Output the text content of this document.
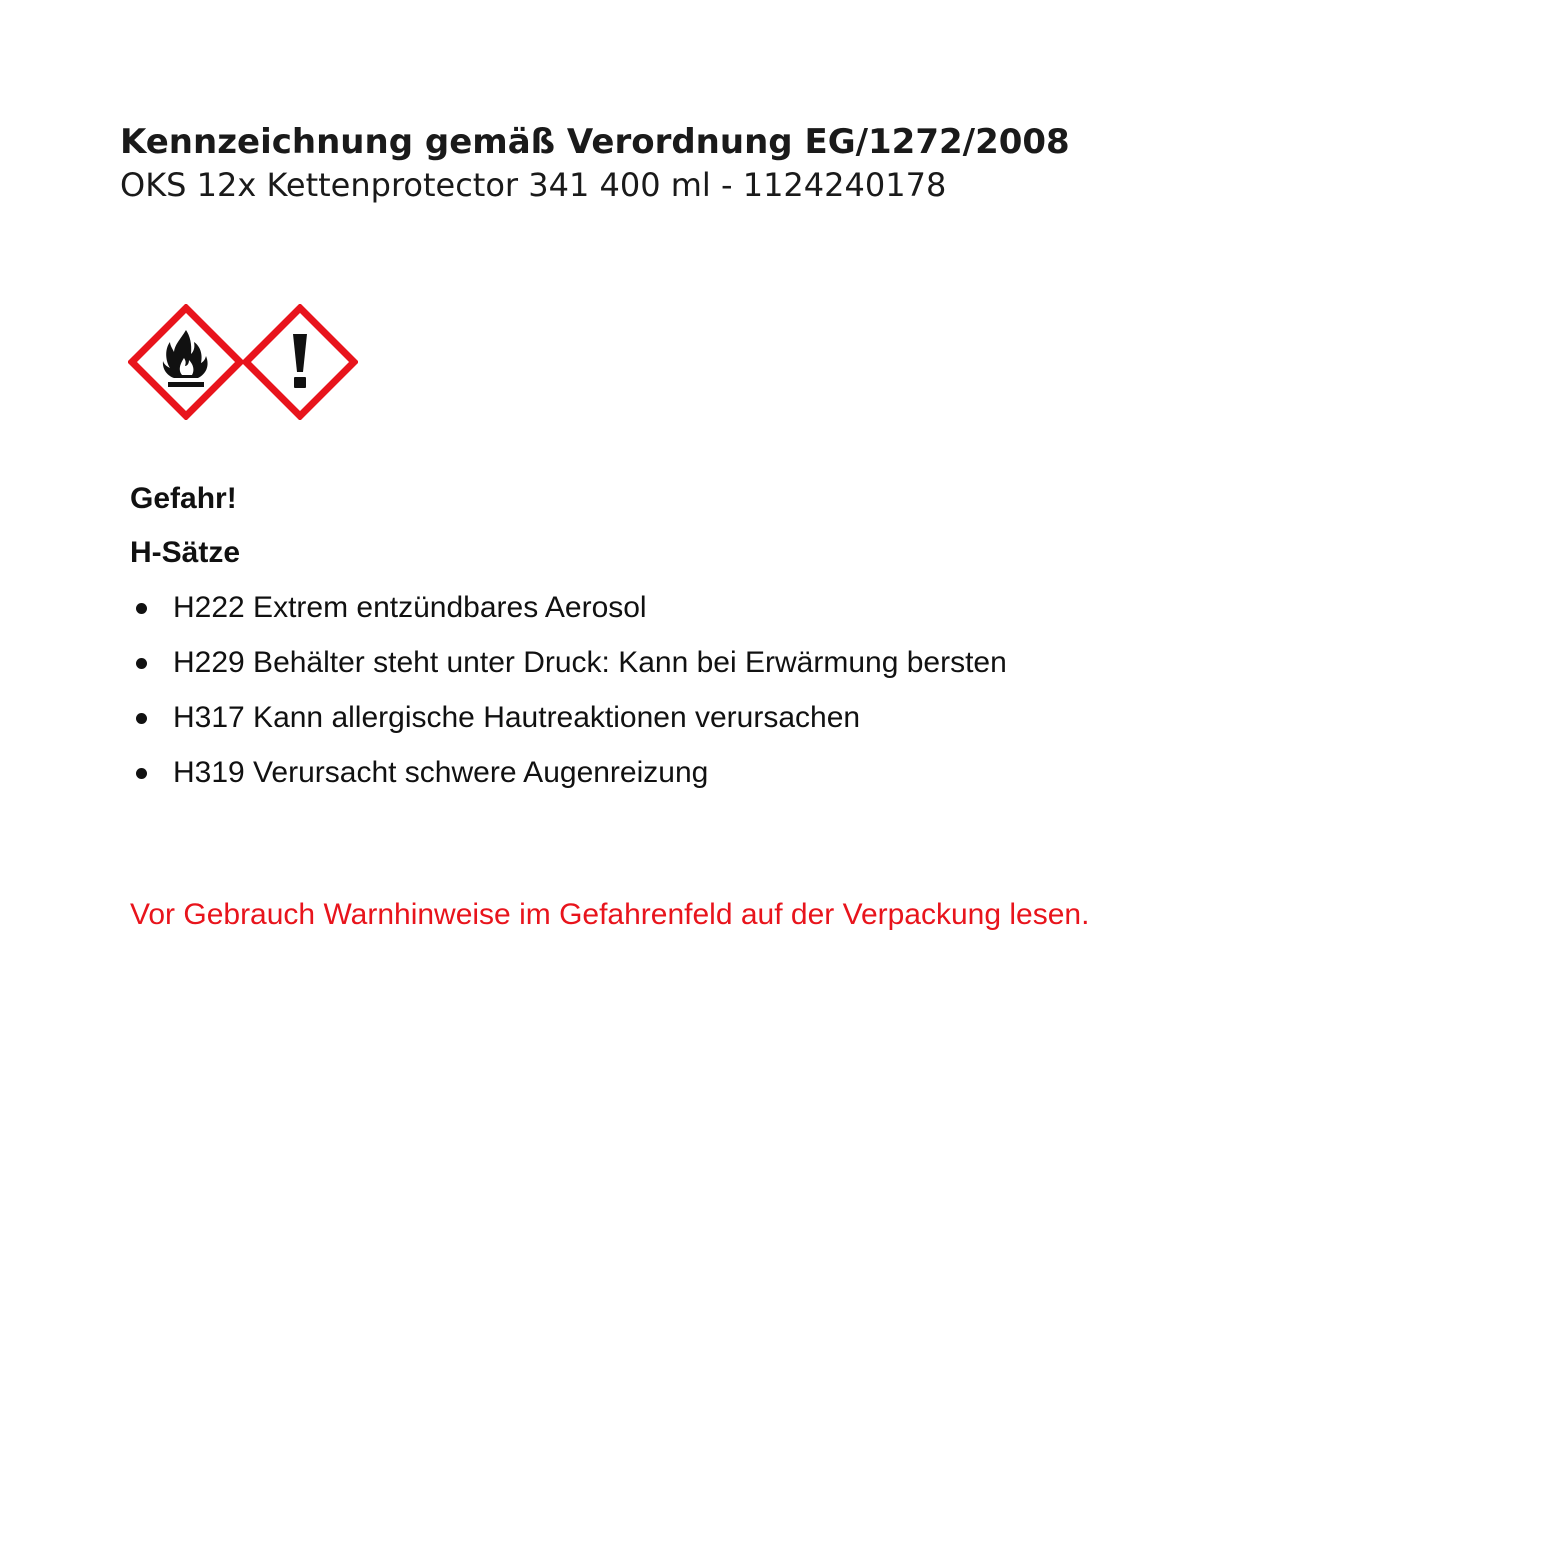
Kennzeichnung gemäß Verordnung EG/1272/2008
OKS 12x Kettenprotector 341 400 ml - 1124240178
Gefahr!
H-Sätze
H222 Extrem entzündbares Aerosol
H229 Behälter steht unter Druck: Kann bei Erwärmung bersten
H317 Kann allergische Hautreaktionen verursachen
H319 Verursacht schwere Augenreizung
Vor Gebrauch Warnhinweise im Gefahrenfeld auf der Verpackung lesen.
